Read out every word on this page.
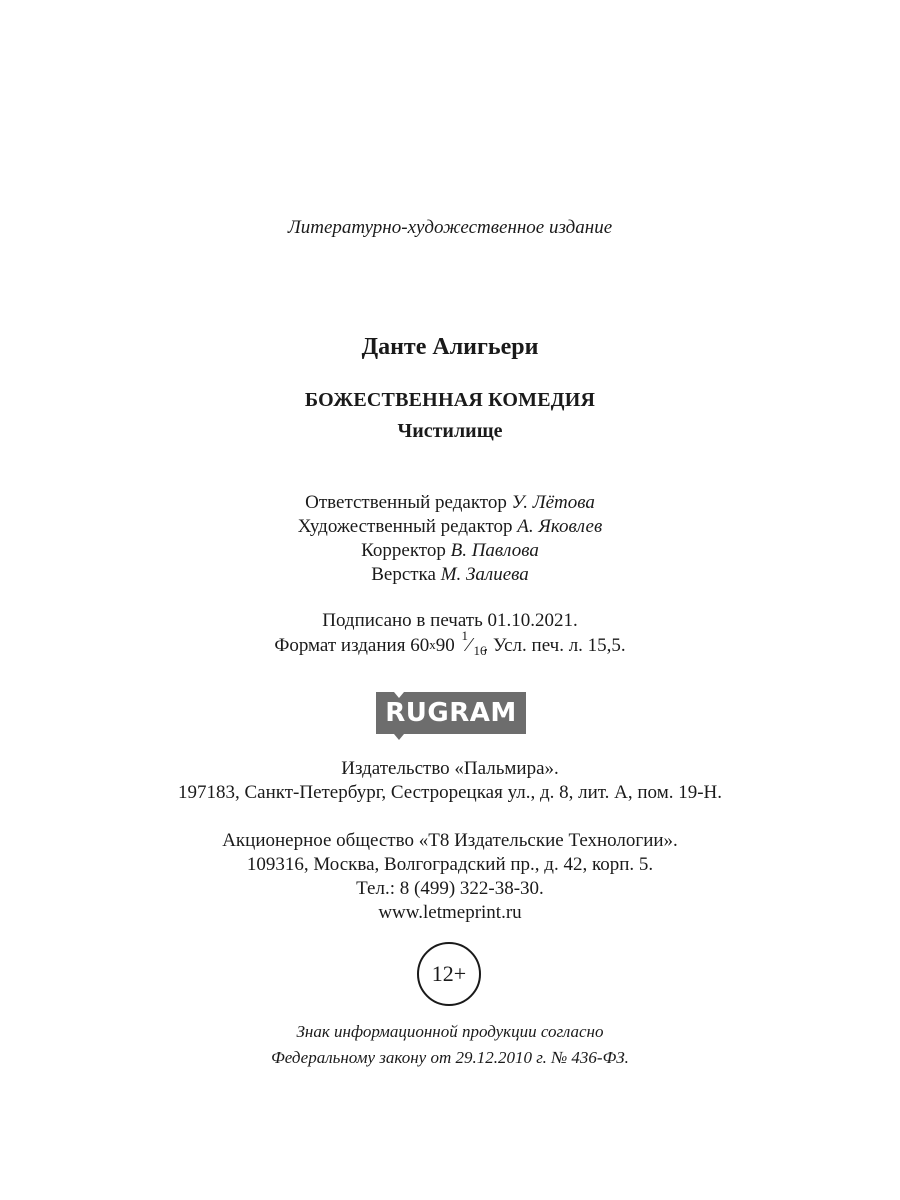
Литературно-художественное издание
Данте Алигьери
БОЖЕСТВЕННАЯ КОМЕДИЯ
Чистилище
Ответственный редактор У. Лётова
Художественный редактор А. Яковлев
Корректор В. Павлова
Верстка М. Залиева
Подписано в печать 01.10.2021.
Формат издания 60x90 1 ⁄ 16
. Усл. печ. л. 15,5.
RUGRAM
Издательство «Пальмира».
197183, Санкт-Петербург, Сестрорецкая ул., д. 8, лит. А, пом. 19-Н.
Акционерное общество «Т8 Издательские Технологии».
109316, Москва, Волгоградский пр., д. 42, корп. 5.
Тел.: 8 (499) 322-38-30.
www.letmeprint.ru
12+
Знак информационной продукции согласно
Федеральному закону от 29.12.2010 г. № 436-ФЗ.
